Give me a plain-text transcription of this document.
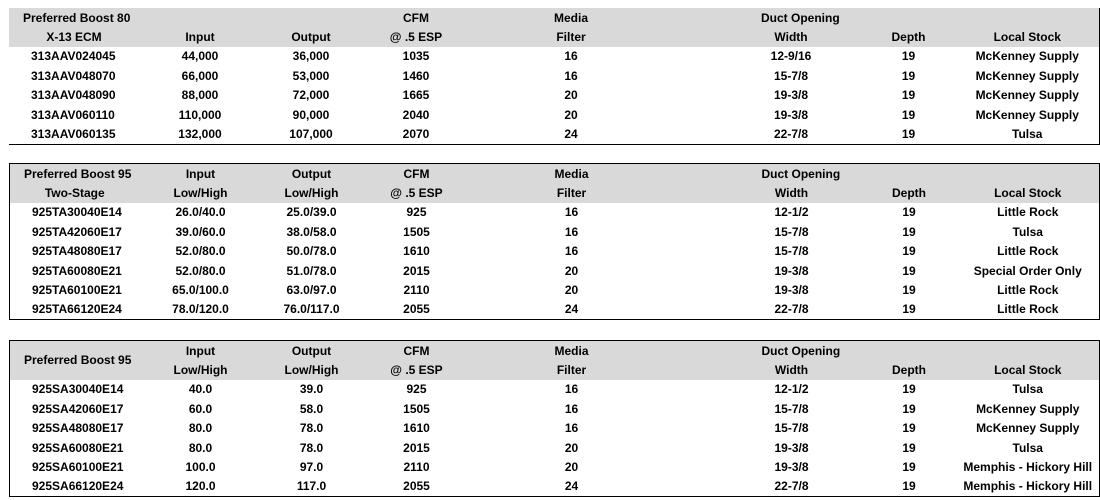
Preferred Boost 80			CFM	Media		Duct Opening		
X-13 ECM	Input	Output	@ .5 ESP	Filter		Width	Depth	Local Stock
313AAV024045	44,000	36,000	1035	16		12-9/16	19	McKenney Supply
313AAV048070	66,000	53,000	1460	16		15-7/8	19	McKenney Supply
313AAV048090	88,000	72,000	1665	20		19-3/8	19	McKenney Supply
313AAV060110	110,000	90,000	2040	20		19-3/8	19	McKenney Supply
313AAV060135	132,000	107,000	2070	24		22-7/8	19	Tulsa
Preferred Boost 95	Input	Output	CFM	Media		Duct Opening		
Two-Stage	Low/High	Low/High	@ .5 ESP	Filter		Width	Depth	Local Stock
925TA30040E14	26.0/40.0	25.0/39.0	925	16		12-1/2	19	Little Rock
925TA42060E17	39.0/60.0	38.0/58.0	1505	16		15-7/8	19	Tulsa
925TA48080E17	52.0/80.0	50.0/78.0	1610	16		15-7/8	19	Little Rock
925TA60080E21	52.0/80.0	51.0/78.0	2015	20		19-3/8	19	Special Order Only
925TA60100E21	65.0/100.0	63.0/97.0	2110	20		19-3/8	19	Little Rock
925TA66120E24	78.0/120.0	76.0/117.0	2055	24		22-7/8	19	Little Rock
Preferred Boost 95	Input	Output	CFM	Media		Duct Opening		
	Low/High	Low/High	@ .5 ESP	Filter		Width	Depth	Local Stock
925SA30040E14	40.0	39.0	925	16		12-1/2	19	Tulsa
925SA42060E17	60.0	58.0	1505	16		15-7/8	19	McKenney Supply
925SA48080E17	80.0	78.0	1610	16		15-7/8	19	McKenney Supply
925SA60080E21	80.0	78.0	2015	20		19-3/8	19	Tulsa
925SA60100E21	100.0	97.0	2110	20		19-3/8	19	Memphis - Hickory Hill
925SA66120E24	120.0	117.0	2055	24		22-7/8	19	Memphis - Hickory Hill
